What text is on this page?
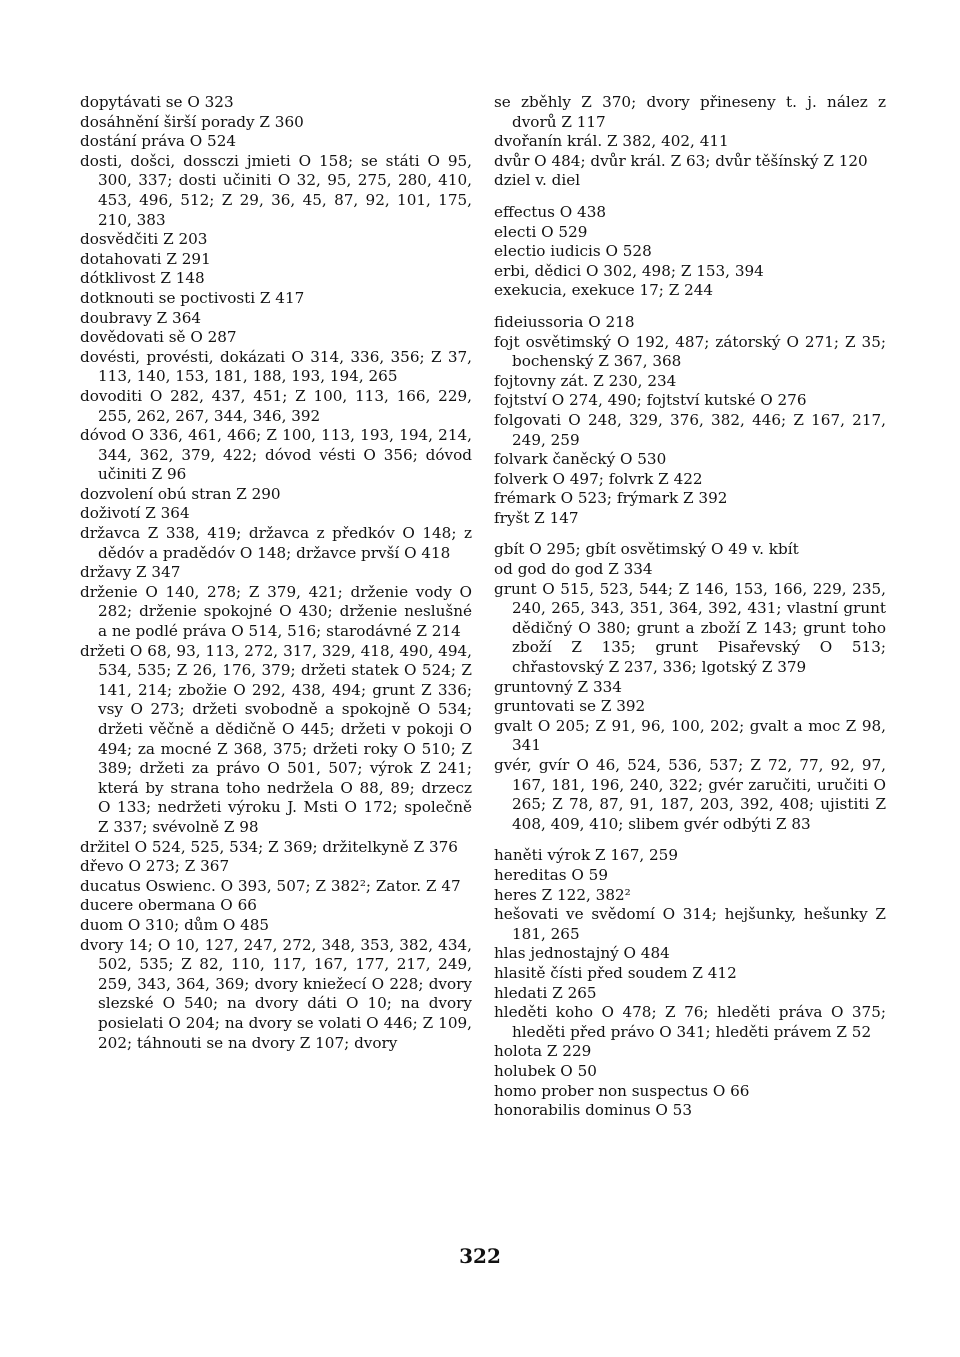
dopytávati se O 323

dosáhnění širší porady Z 360

dostání práva O 524

dosti, došci, dossczi jmieti O 158; se státi O 95, 300, 337; dosti učiniti O 32, 95, 275, 280, 410, 453, 496, 512; Z 29, 36, 45, 87, 92, 101, 175, 210, 383

dosvědčiti Z 203

dotahovati Z 291

dótklivost Z 148

dotknouti se poctivosti Z 417

doubravy Z 364

dovědovati sě O 287

dovésti, provésti, dokázati O 314, 336, 356; Z 37, 113, 140, 153, 181, 188, 193, 194, 265

dovoditi O 282, 437, 451; Z 100, 113, 166, 229, 255, 262, 267, 344, 346, 392

dóvod O 336, 461, 466; Z 100, 113, 193, 194, 214, 344, 362, 379, 422; dóvod vésti O 356; dóvod učiniti Z 96

dozvolení obú stran Z 290

doživotí Z 364

državca Z 338, 419; državca z předkóv O 148; z dědóv a pradědóv O 148; državce prvší O 418

državy Z 347

drženie O 140, 278; Z 379, 421; drženie vody O 282; drženie spokojné O 430; drženie neslušné a ne podlé práva O 514, 516; starodávné Z 214

držeti O 68, 93, 113, 272, 317, 329, 418, 490, 494, 534, 535; Z 26, 176, 379; držeti statek O 524; Z 141, 214; zbožie O 292, 438, 494; grunt Z 336; vsy O 273; držeti svobodně a spokojně O 534; držeti věčně a dědičně O 445; držeti v pokoji O 494; za mocné Z 368, 375; držeti roky O 510; Z 389; držeti za právo O 501, 507; výrok Z 241; která by strana toho nedržela O 88, 89; drzecz O 133; nedržeti výroku J. Msti O 172; společně Z 337; svévolně Z 98

držitel O 524, 525, 534; Z 369; držitelkyně Z 376

dřevo O 273; Z 367

ducatus Oswienc. O 393, 507; Z 382²; Zator. Z 47

ducere obermana O 66

duom O 310; dům O 485

dvory 14; O 10, 127, 247, 272, 348, 353, 382, 434, 502, 535; Z 82, 110, 117, 167, 177, 217, 249, 259, 343, 364, 369; dvory kniežecí O 228; dvory slezské O 540; na dvory dáti O 10; na dvory posielati O 204; na dvory se volati O 446; Z 109, 202; táhnouti se na dvory Z 107; dvory

se zběhly Z 370; dvory přineseny t. j. nález z dvorů Z 117

dvořanín král. Z 382, 402, 411

dvůr O 484; dvůr král. Z 63; dvůr těšínský Z 120

dziel v. diel

effectus O 438

electi O 529

electio iudicis O 528

erbi, dědici O 302, 498; Z 153, 394

exekucia, exekuce 17; Z 244

fideiussoria O 218

fojt osvětimský O 192, 487; zátorský O 271; Z 35; bochenský Z 367, 368

fojtovny zát. Z 230, 234

fojtství O 274, 490; fojtství kutské O 276

folgovati O 248, 329, 376, 382, 446; Z 167, 217, 249, 259

folvark čaněcký O 530

folverk O 497; folvrk Z 422

frémark O 523; frýmark Z 392

fryšt Z 147

gbít O 295; gbít osvětimský O 49 v. kbít

od god do god Z 334

grunt O 515, 523, 544; Z 146, 153, 166, 229, 235, 240, 265, 343, 351, 364, 392, 431; vlastní grunt dědičný O 380; grunt a zboží Z 143; grunt toho zboží Z 135; grunt Pisařevský O 513; chřastovský Z 237, 336; lgotský Z 379

gruntovný Z 334

gruntovati se Z 392

gvalt O 205; Z 91, 96, 100, 202; gvalt a moc Z 98, 341

gvér, gvír O 46, 524, 536, 537; Z 72, 77, 92, 97, 167, 181, 196, 240, 322; gvér zaručiti, uručiti O 265; Z 78, 87, 91, 187, 203, 392, 408; ujistiti Z 408, 409, 410; slibem gvér odbýti Z 83

haněti výrok Z 167, 259

hereditas O 59

heres Z 122, 382²

hešovati ve svědomí O 314; hejšunky, hešunky Z 181, 265

hlas jednostajný O 484

hlasitě čísti před soudem Z 412

hledati Z 265

hleděti koho O 478; Z 76; hleděti práva O 375; hleděti před právo O 341; hleděti právem Z 52

holota Z 229

holubek O 50

homo prober non suspectus O 66

honorabilis dominus O 53

322
